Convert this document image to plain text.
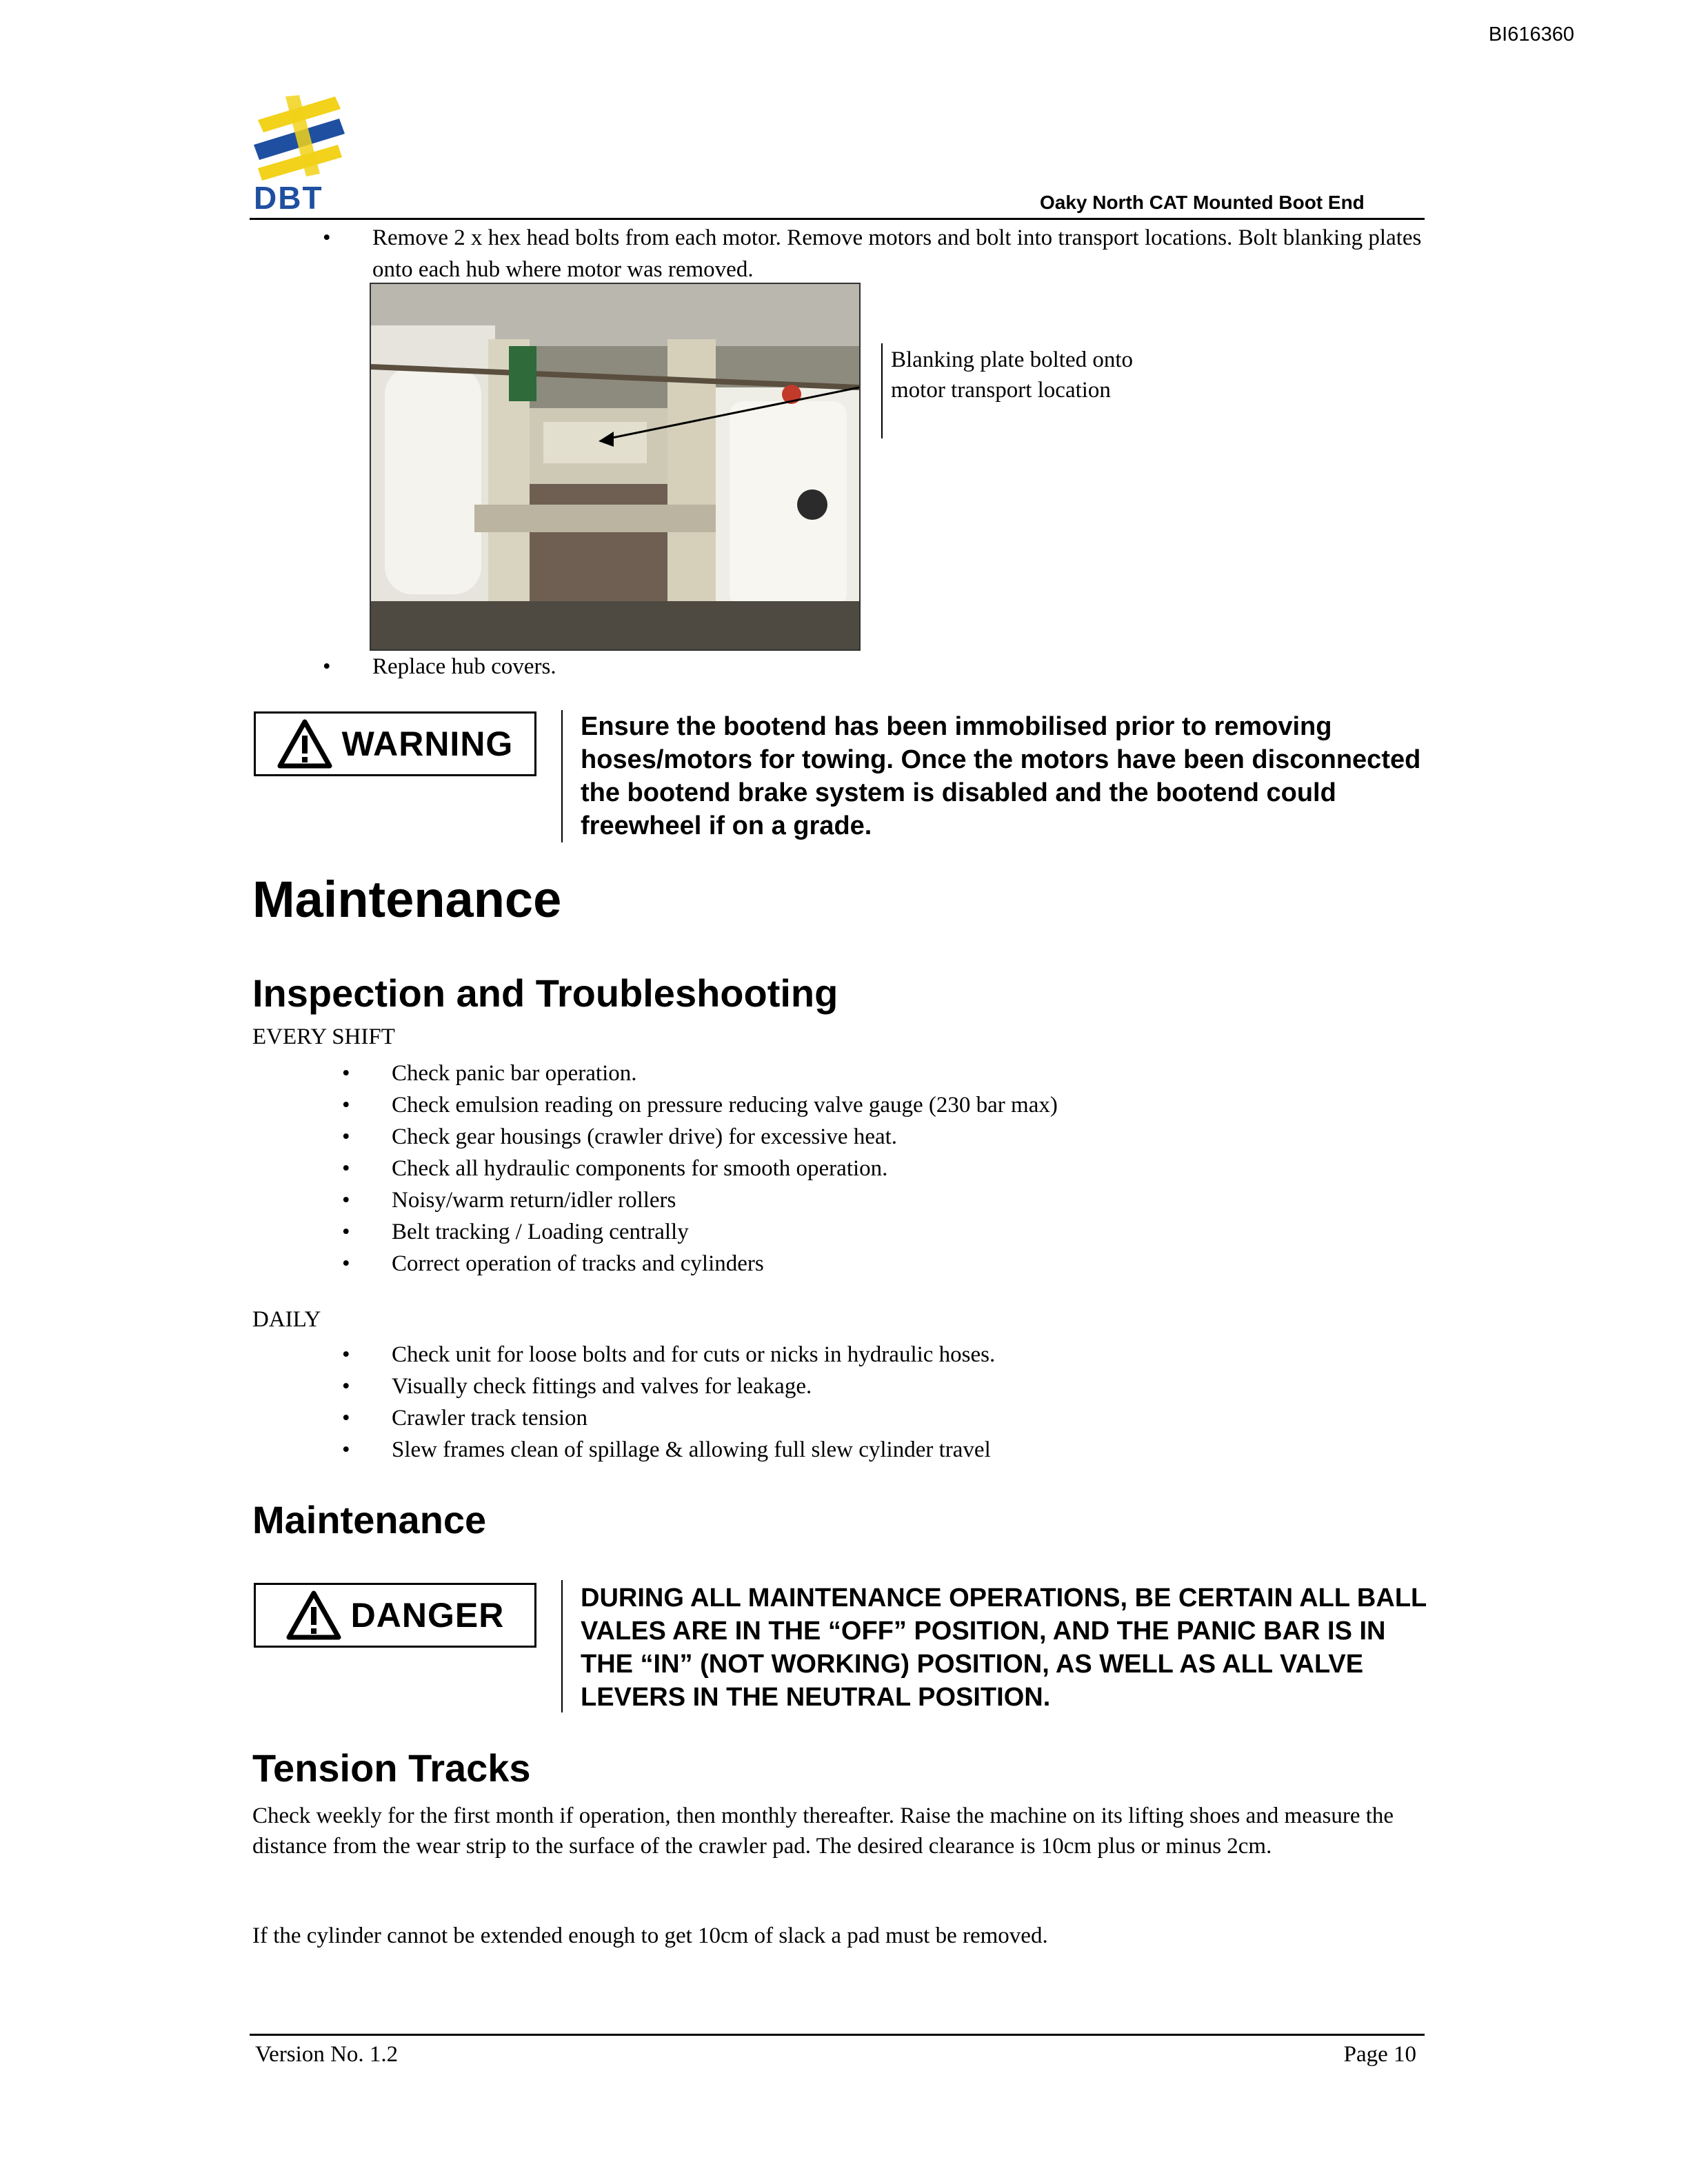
BI616360
DBT	Oaky North CAT Mounted Boot End
• Remove 2 x hex head bolts from each motor. Remove motors and bolt into transport locations. Bolt blanking plates onto each hub where motor was removed.
Blanking plate bolted onto motor transport location
• Replace hub covers.
WARNING	Ensure the bootend has been immobilised prior to removing hoses/motors for towing. Once the motors have been disconnected the bootend brake system is disabled and the bootend could freewheel if on a grade.
Maintenance
Inspection and Troubleshooting
EVERY SHIFT
• Check panic bar operation.
• Check emulsion reading on pressure reducing valve gauge (230 bar max)
• Check gear housings (crawler drive) for excessive heat.
• Check all hydraulic components for smooth operation.
• Noisy/warm return/idler rollers
• Belt tracking / Loading centrally
• Correct operation of tracks and cylinders
DAILY
• Check unit for loose bolts and for cuts or nicks in hydraulic hoses.
• Visually check fittings and valves for leakage.
• Crawler track tension
• Slew frames clean of spillage & allowing full slew cylinder travel
Maintenance
DANGER	DURING ALL MAINTENANCE OPERATIONS, BE CERTAIN ALL BALL VALES ARE IN THE “OFF” POSITION, AND THE PANIC BAR IS IN THE “IN” (NOT WORKING) POSITION, AS WELL AS ALL VALVE LEVERS IN THE NEUTRAL POSITION.
Tension Tracks
Check weekly for the first month if operation, then monthly thereafter. Raise the machine on its lifting shoes and measure the distance from the wear strip to the surface of the crawler pad. The desired clearance is 10cm plus or minus 2cm.
If the cylinder cannot be extended enough to get 10cm of slack a pad must be removed.
Version No. 1.2	Page 10
